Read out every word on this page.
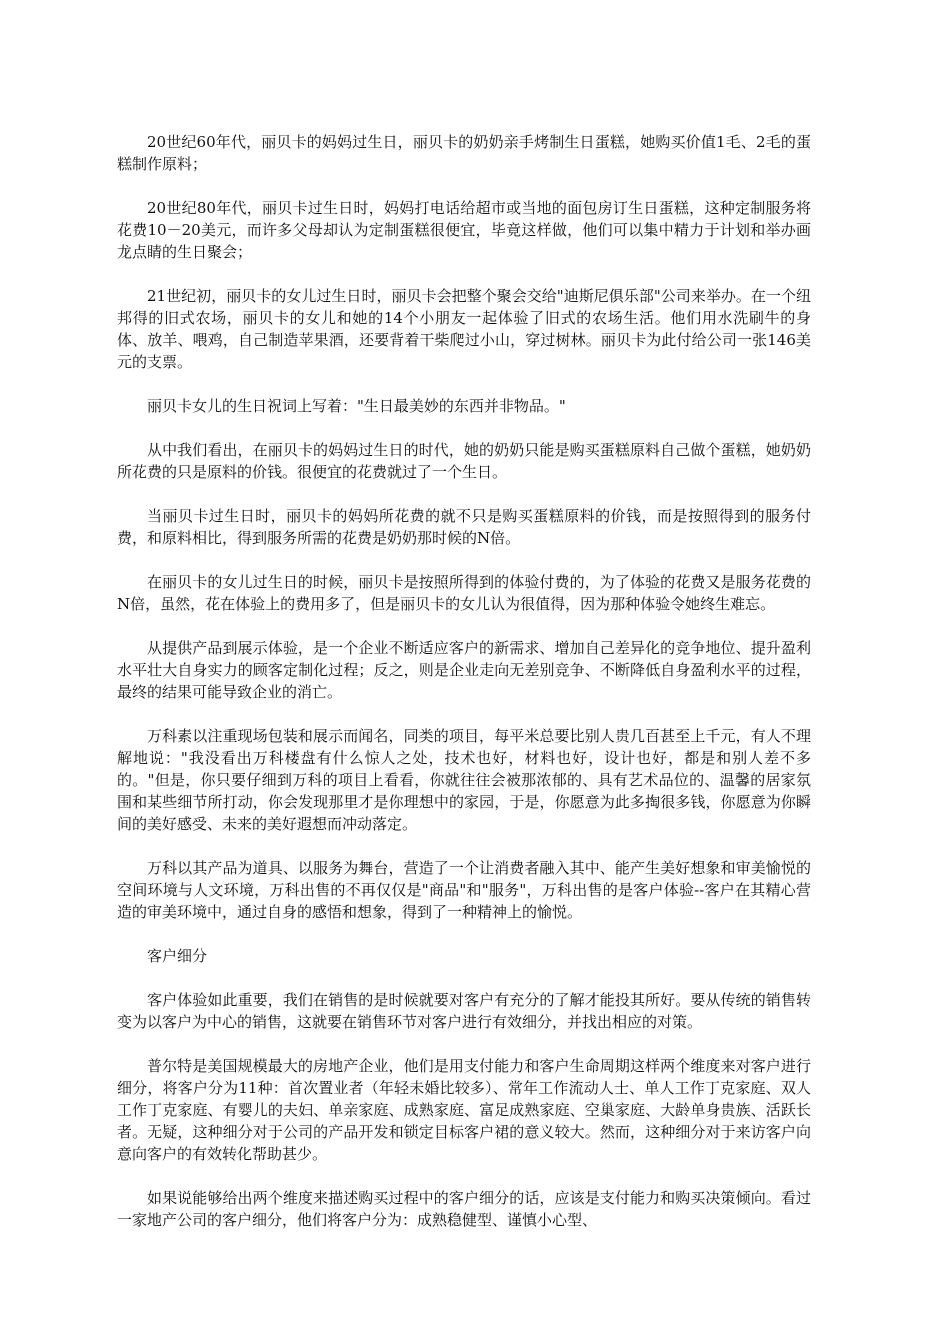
20世纪60年代，丽贝卡的妈妈过生日，丽贝卡的奶奶亲手烤制生日蛋糕，她购买价值1毛、2毛的蛋糕制作原料；

20世纪80年代，丽贝卡过生日时，妈妈打电话给超市或当地的面包房订生日蛋糕，这种定制服务将花费10－20美元，而许多父母却认为定制蛋糕很便宜，毕竟这样做，他们可以集中精力于计划和举办画龙点睛的生日聚会；

21世纪初，丽贝卡的女儿过生日时，丽贝卡会把整个聚会交给"迪斯尼俱乐部"公司来举办。在一个纽邦得的旧式农场，丽贝卡的女儿和她的14个小朋友一起体验了旧式的农场生活。他们用水洗刷牛的身体、放羊、喂鸡，自己制造苹果酒，还要背着干柴爬过小山，穿过树林。丽贝卡为此付给公司一张146美元的支票。

丽贝卡女儿的生日祝词上写着："生日最美妙的东西并非物品。"

从中我们看出，在丽贝卡的妈妈过生日的时代，她的奶奶只能是购买蛋糕原料自己做个蛋糕，她奶奶所花费的只是原料的价钱。很便宜的花费就过了一个生日。

当丽贝卡过生日时，丽贝卡的妈妈所花费的就不只是购买蛋糕原料的价钱，而是按照得到的服务付费，和原料相比，得到服务所需的花费是奶奶那时候的N倍。

在丽贝卡的女儿过生日的时候，丽贝卡是按照所得到的体验付费的，为了体验的花费又是服务花费的N倍，虽然，花在体验上的费用多了，但是丽贝卡的女儿认为很值得，因为那种体验令她终生难忘。

从提供产品到展示体验，是一个企业不断适应客户的新需求、增加自己差异化的竞争地位、提升盈利水平壮大自身实力的顾客定制化过程；反之，则是企业走向无差别竞争、不断降低自身盈利水平的过程，最终的结果可能导致企业的消亡。

万科素以注重现场包装和展示而闻名，同类的项目，每平米总要比别人贵几百甚至上千元，有人不理解地说："我没看出万科楼盘有什么惊人之处，技术也好，材料也好，设计也好，都是和别人差不多的。"但是，你只要仔细到万科的项目上看看，你就往往会被那浓郁的、具有艺术品位的、温馨的居家氛围和某些细节所打动，你会发现那里才是你理想中的家园，于是，你愿意为此多掏很多钱，你愿意为你瞬间的美好感受、未来的美好遐想而冲动落定。

万科以其产品为道具、以服务为舞台，营造了一个让消费者融入其中、能产生美好想象和审美愉悦的空间环境与人文环境，万科出售的不再仅仅是"商品"和"服务"，万科出售的是客户体验--客户在其精心营造的审美环境中，通过自身的感悟和想象，得到了一种精神上的愉悦。

客户细分

客户体验如此重要，我们在销售的是时候就要对客户有充分的了解才能投其所好。要从传统的销售转变为以客户为中心的销售，这就要在销售环节对客户进行有效细分，并找出相应的对策。

普尔特是美国规模最大的房地产企业，他们是用支付能力和客户生命周期这样两个维度来对客户进行细分，将客户分为11种：首次置业者（年轻未婚比较多）、常年工作流动人士、单人工作丁克家庭、双人工作丁克家庭、有婴儿的夫妇、单亲家庭、成熟家庭、富足成熟家庭、空巢家庭、大龄单身贵族、活跃长者。无疑，这种细分对于公司的产品开发和锁定目标客户裙的意义较大。然而，这种细分对于来访客户向意向客户的有效转化帮助甚少。

如果说能够给出两个维度来描述购买过程中的客户细分的话，应该是支付能力和购买决策倾向。看过一家地产公司的客户细分，他们将客户分为：成熟稳健型、谨慎小心型、
